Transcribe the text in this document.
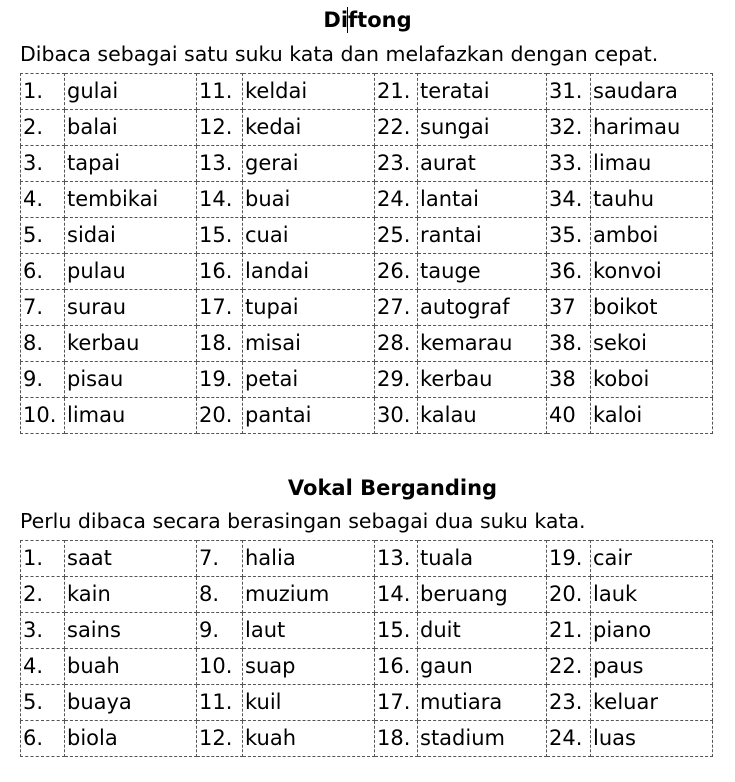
Diftong
Dibaca sebagai satu suku kata dan melafazkan dengan cepat.
1.	gulai	11.	keldai	21.	teratai	31.	saudara
2.	balai	12.	kedai	22.	sungai	32.	harimau
3.	tapai	13.	gerai	23.	aurat	33.	limau
4.	tembikai	14.	buai	24.	lantai	34.	tauhu
5.	sidai	15.	cuai	25.	rantai	35.	amboi
6.	pulau	16.	landai	26.	tauge	36.	konvoi
7.	surau	17.	tupai	27.	autograf	37	boikot
8.	kerbau	18.	misai	28.	kemarau	38.	sekoi
9.	pisau	19.	petai	29.	kerbau	38	koboi
10.	limau	20.	pantai	30.	kalau	40	kaloi
Vokal Berganding
Perlu dibaca secara berasingan sebagai dua suku kata.
1.	saat	7.	halia	13.	tuala	19.	cair
2.	kain	8.	muzium	14.	beruang	20.	lauk
3.	sains	9.	laut	15.	duit	21.	piano
4.	buah	10.	suap	16.	gaun	22.	paus
5.	buaya	11.	kuil	17.	mutiara	23.	keluar
6.	biola	12.	kuah	18.	stadium	24.	luas
